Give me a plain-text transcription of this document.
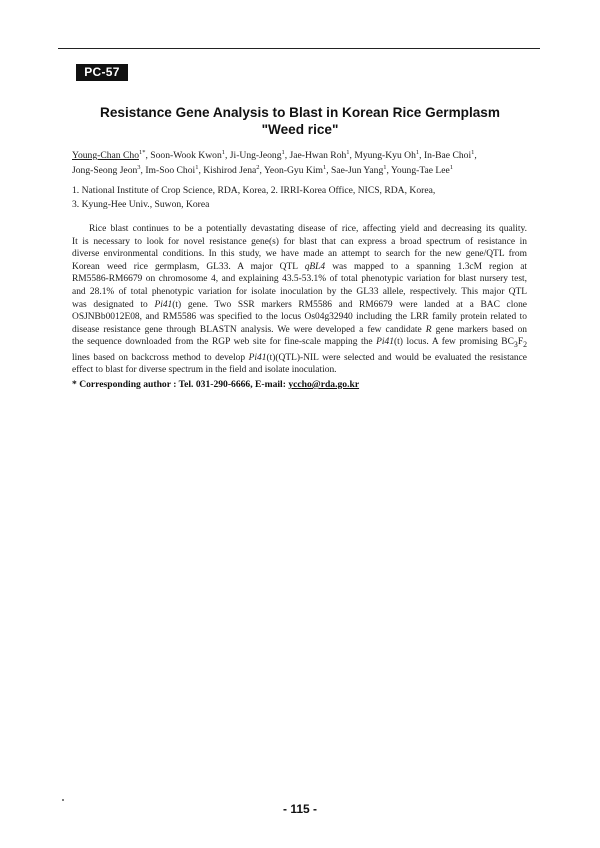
PC-57
Resistance Gene Analysis to Blast in Korean Rice Germplasm
"Weed rice"
Young-Chan Cho$^{1*}$, Soon-Wook Kwon$^1$, Ji-Ung-Jeong$^1$, Jae-Hwan Roh$^1$, Myung-Kyu Oh$^1$, In-Bae Choi$^1$,
Jong-Seong Jeon$^3$, Im-Soo Choi$^1$, Kishirod Jena$^2$, Yeon-Gyu Kim$^1$, Sae-Jun Yang$^1$, Young-Tae Lee$^1$
1. National Institute of Crop Science, RDA, Korea, 2. IRRI-Korea Office, NICS, RDA, Korea,
3. Kyung-Hee Univ., Suwon, Korea
Rice blast continues to be a potentially devastating disease of rice, affecting yield and decreasing its quality.
It is necessary to look for novel resistance gene(s) for blast that can express a broad spectrum of resistance in
diverse environmental conditions. In this study, we have made an attempt to search for the new gene/QTL from
Korean weed rice germplasm, GL33. A major QTL qBL4 was mapped to a spanning 1.3cM region at
RM5586-RM6679 on chromosome 4, and explaining 43.5-53.1% of total phenotypic variation for blast nursery test,
and 28.1% of total phenotypic variation for isolate inoculation by the GL33 allele, respectively. This major QTL
was designated to Pi41(t) gene. Two SSR markers RM5586 and RM6679 were landed at a BAC clone
OSJNBb0012E08, and RM5586 was specified to the locus Os04g32940 including the LRR family protein related to
disease resistance gene through BLASTN analysis. We were developed a few candidate R gene markers based on
the sequence downloaded from the RGP web site for fine-scale mapping the Pi41(t) locus. A few promising $BC_3F_2$
lines based on backcross method to develop Pi41(t)(QTL)-NIL were selected and would be evaluated the resistance
effect to blast for diverse spectrum in the field and isolate inoculation.
* Corresponding author : Tel. 031-290-6666, E-mail: yccho@rda.go.kr
- 115 -
